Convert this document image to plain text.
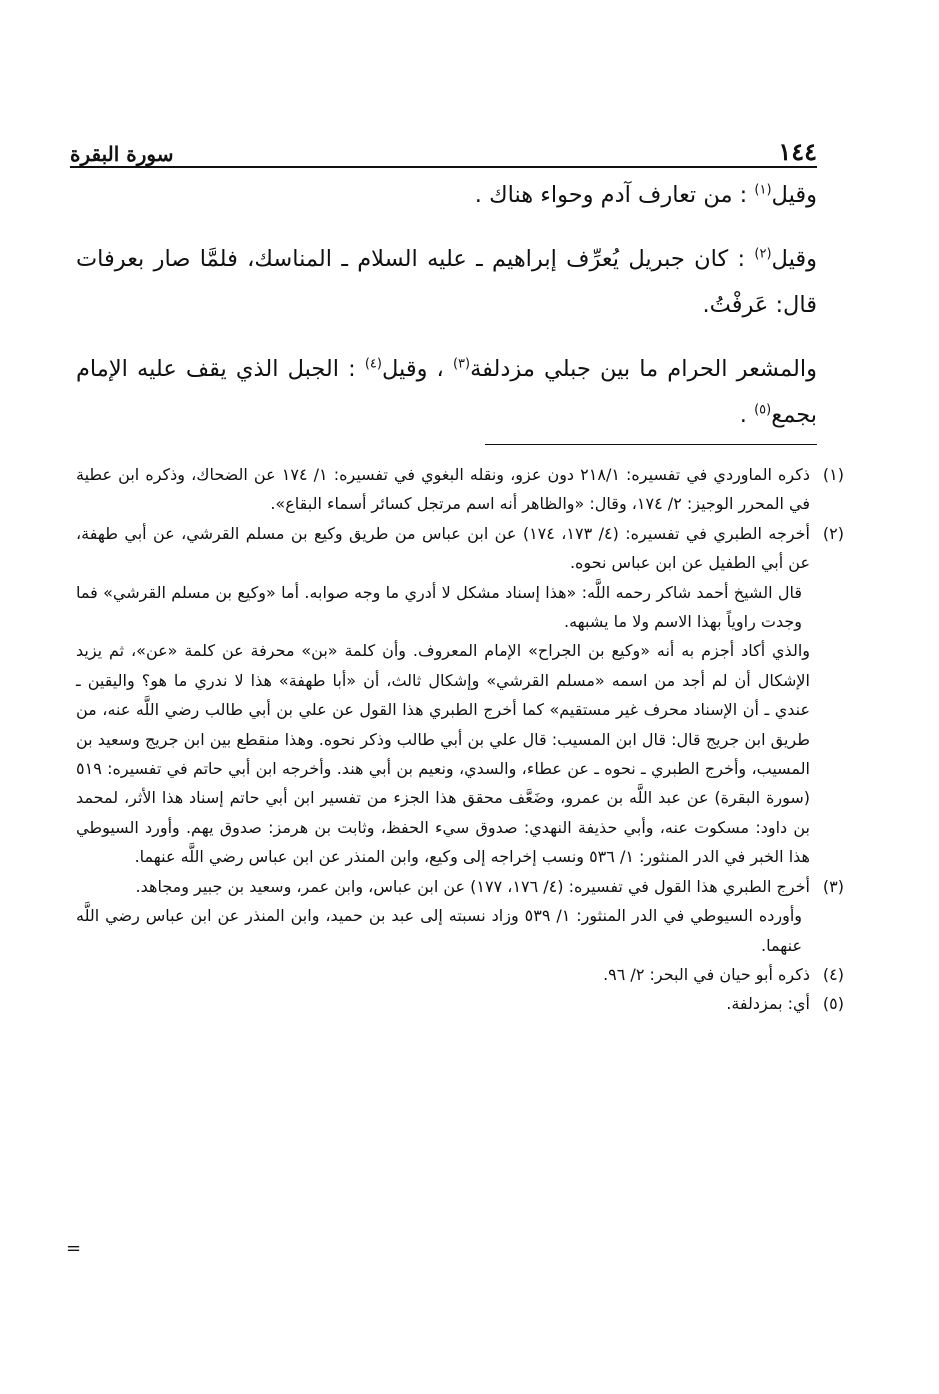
١٤٤
سورة البقرة

وقيل$^{(١)}$ : من تعارف آدم وحواء هناك .

وقيل$^{(٢)}$ : كان جبريل يُعرِّف إبراهيم ـ عليه السلام ـ المناسك، فلمَّا صار بعرفات قال: عَرفْتُ.

والمشعر الحرام ما بين جبلي مزدلفة$^{(٣)}$ ، وقيل$^{(٤)}$ : الجبل الذي يقف عليه الإمام بجمع$^{(٥)}$ .

(١)

ذكره الماوردي في تفسيره: ٢١٨/١ دون عزو، ونقله البغوي في تفسيره: ١/ ١٧٤ عن الضحاك، وذكره ابن عطية في المحرر الوجيز: ٢/ ١٧٤، وقال: «والظاهر أنه اسم مرتجل كسائر أسماء البقاع».

(٢)

أخرجه الطبري في تفسيره: (٤/ ١٧٣، ١٧٤) عن ابن عباس من طريق وكيع بن مسلم القرشي، عن أبي طهفة، عن أبي الطفيل عن ابن عباس نحوه.

قال الشيخ أحمد شاكر رحمه اللَّه: «هذا إسناد مشكل لا أدري ما وجه صوابه. أما «وكيع بن مسلم القرشي» فما وجدت راوياً بهذا الاسم ولا ما يشبهه.

والذي أكاد أجزم به أنه «وكيع بن الجراح» الإمام المعروف. وأن كلمة «بن» محرفة عن كلمة «عن»، ثم يزيد الإشكال أن لم أجد من اسمه «مسلم القرشي» وإشكال ثالث، أن «أبا طهفة» هذا لا ندري ما هو؟ واليقين ـ عندي ـ أن الإسناد محرف غير مستقيم» كما أخرج الطبري هذا القول عن علي بن أبي طالب رضي اللَّه عنه، من طريق ابن جريج قال: قال ابن المسيب: قال علي بن أبي طالب وذكر نحوه. وهذا منقطع بين ابن جريج وسعيد بن المسيب، وأخرج الطبري ـ نحوه ـ عن عطاء، والسدي، ونعيم بن أبي هند. وأخرجه ابن أبي حاتم في تفسيره: ٥١٩ (سورة البقرة) عن عبد اللَّه بن عمرو، وضَعَّف محقق هذا الجزء من تفسير ابن أبي حاتم إسناد هذا الأثر، لمحمد بن داود: مسكوت عنه، وأبي حذيفة النهدي: صدوق سيء الحفظ، وثابت بن هرمز: صدوق يهم. وأورد السيوطي هذا الخبر في الدر المنثور: ١/ ٥٣٦ ونسب إخراجه إلى وكيع، وابن المنذر عن ابن عباس رضي اللَّه عنهما.

(٣)

أخرج الطبري هذا القول في تفسيره: (٤/ ١٧٦، ١٧٧) عن ابن عباس، وابن عمر، وسعيد بن جبير ومجاهد.

وأورده السيوطي في الدر المنثور: ١/ ٥٣٩ وزاد نسبته إلى عبد بن حميد، وابن المنذر عن ابن عباس رضي اللَّه عنهما.

(٤)

ذكره أبو حيان في البحر: ٢/ ٩٦.

(٥)

أي: بمزدلفة.

=
